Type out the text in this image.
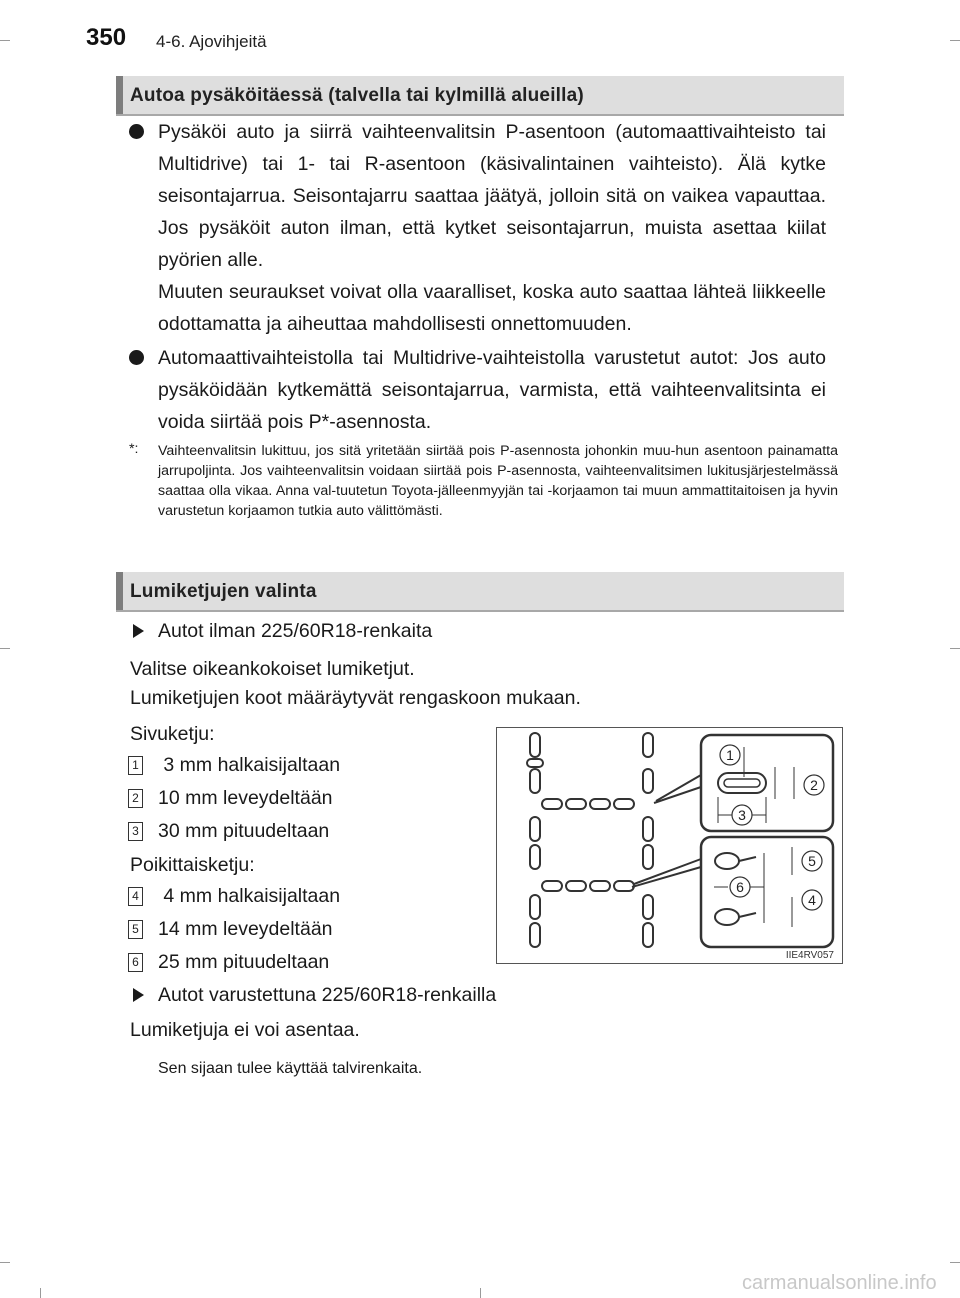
350 4-6. Ajovihjeitä
Autoa pysäköitäessä (talvella tai kylmillä alueilla)

Pysäköi auto ja siirrä vaihteenvalitsin P-asentoon (automaattivaihteisto tai Multidrive) tai 1- tai R-asentoon (käsivalintainen vaihteisto). Älä kytke seisontajarrua. Seisontajarru saattaa jäätyä, jolloin sitä on vaikea vapauttaa. Jos pysäköit auton ilman, että kytket seisontajarrun, muista asettaa kiilat pyörien alle.

Muuten seuraukset voivat olla vaaralliset, koska auto saattaa lähteä liikkeelle odottamatta ja aiheuttaa mahdollisesti onnettomuuden.

Automaattivaihteistolla tai Multidrive-vaihteistolla varustetut autot: Jos auto pysäköidään kytkemättä seisontajarrua, varmista, että vaihteenvalitsinta ei voida siirtää pois P*-asennosta.

*: Vaihteenvalitsin lukittuu, jos sitä yritetään siirtää pois P-asennosta johonkin muu-hun asentoon painamatta jarrupoljinta. Jos vaihteenvalitsin voidaan siirtää pois P-asennosta, vaihteenvalitsimen lukitusjärjestelmässä saattaa olla vikaa. Anna val-tuutetun Toyota-jälleenmyyjän tai -korjaamon tai muun ammattitaitoisen ja hyvin varustetun korjaamon tutkia auto välittömästi.
Lumiketjujen valinta
Autot ilman 225/60R18-renkaita
Valitse oikeankokoiset lumiketjut.
Lumiketjujen koot määräytyvät rengaskoon mukaan.
Sivuketju:
1 3 mm halkaisijaltaan
2 10 mm leveydeltään
3 30 mm pituudeltaan
Poikittaisketju:
4 4 mm halkaisijaltaan
5 14 mm leveydeltään
6 25 mm pituudeltaan
Autot varustettuna 225/60R18-renkailla
Lumiketjuja ei voi asentaa.
Sen sijaan tulee käyttää talvirenkaita.
1
2
3
4
5
6
IIE4RV057
carmanualsonline.info
